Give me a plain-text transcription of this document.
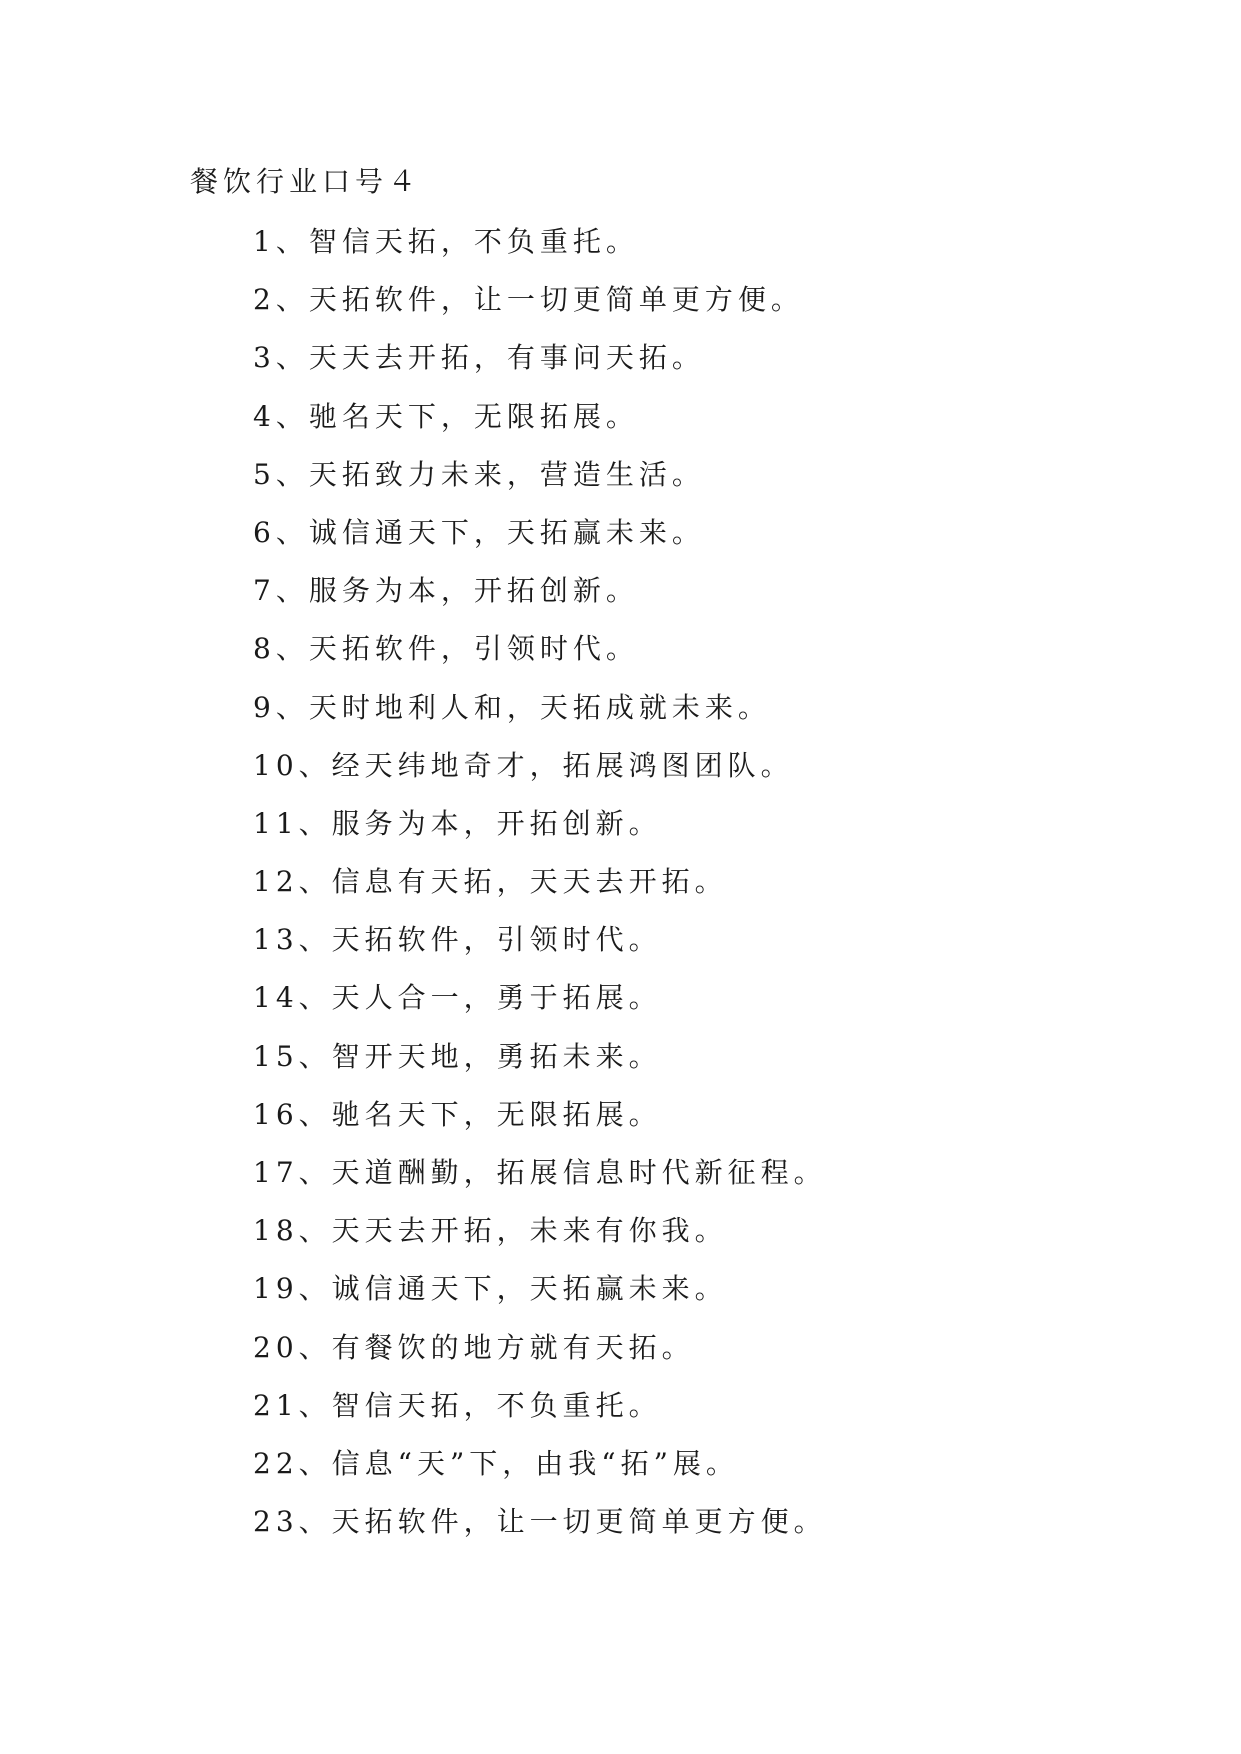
餐饮行业口号４
1、智信天拓，不负重托。
2、天拓软件，让一切更简单更方便。
3、天天去开拓，有事问天拓。
4、驰名天下，无限拓展。
5、天拓致力未来，营造生活。
6、诚信通天下，天拓赢未来。
7、服务为本，开拓创新。
8、天拓软件，引领时代。
9、天时地利人和，天拓成就未来。
10、经天纬地奇才，拓展鸿图团队。
11、服务为本，开拓创新。
12、信息有天拓，天天去开拓。
13、天拓软件，引领时代。
14、天人合一，勇于拓展。
15、智开天地，勇拓未来。
16、驰名天下，无限拓展。
17、天道酬勤，拓展信息时代新征程。
18、天天去开拓，未来有你我。
19、诚信通天下，天拓赢未来。
20、有餐饮的地方就有天拓。
21、智信天拓，不负重托。
22、信息“天”下，由我“拓”展。
23、天拓软件，让一切更简单更方便。
